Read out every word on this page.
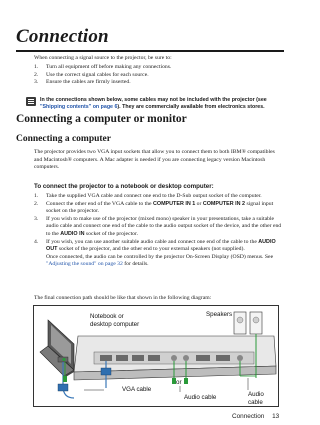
Connection

When connecting a signal source to the projector, be sure to:

1. Turn all equipment off before making any connections.
2. Use the correct signal cables for each source.
3. Ensure the cables are firmly inserted.
In the connections shown below, some cables may not be included with the projector (see "Shipping contents" on page 6). They are commercially available from electronics stores.
Connecting a computer or monitor
Connecting a computer

The projector provides two VGA input sockets that allow you to connect them to both IBM® compatibles and Macintosh® computers. A Mac adapter is needed if you are connecting legacy version Macintosh computers.

To connect the projector to a notebook or desktop computer:
1. Take the supplied VGA cable and connect one end to the D-Sub output socket of the computer.
2. Connect the other end of the VGA cable to the COMPUTER IN 1 or COMPUTER IN 2 signal input socket on the projector.
3. If you wish to make use of the projector (mixed mono) speaker in your presentations, take a suitable audio cable and connect one end of the cable to the audio output socket of the device, and the other end to the AUDIO IN socket of the projector.
4. If you wish, you can use another suitable audio cable and connect one end of the cable to the AUDIO OUT socket of the projector, and the other end to your external speakers (not supplied).
Once connected, the audio can be controlled by the projector On-Screen Display (OSD) menus. See "Adjusting the sound" on page 32 for details.

The final connection path should be like that shown in the following diagram:

Notebook or
desktop computer
Speakers
VGA cable
or
Audio cable	Audio
cable
Connection 13
